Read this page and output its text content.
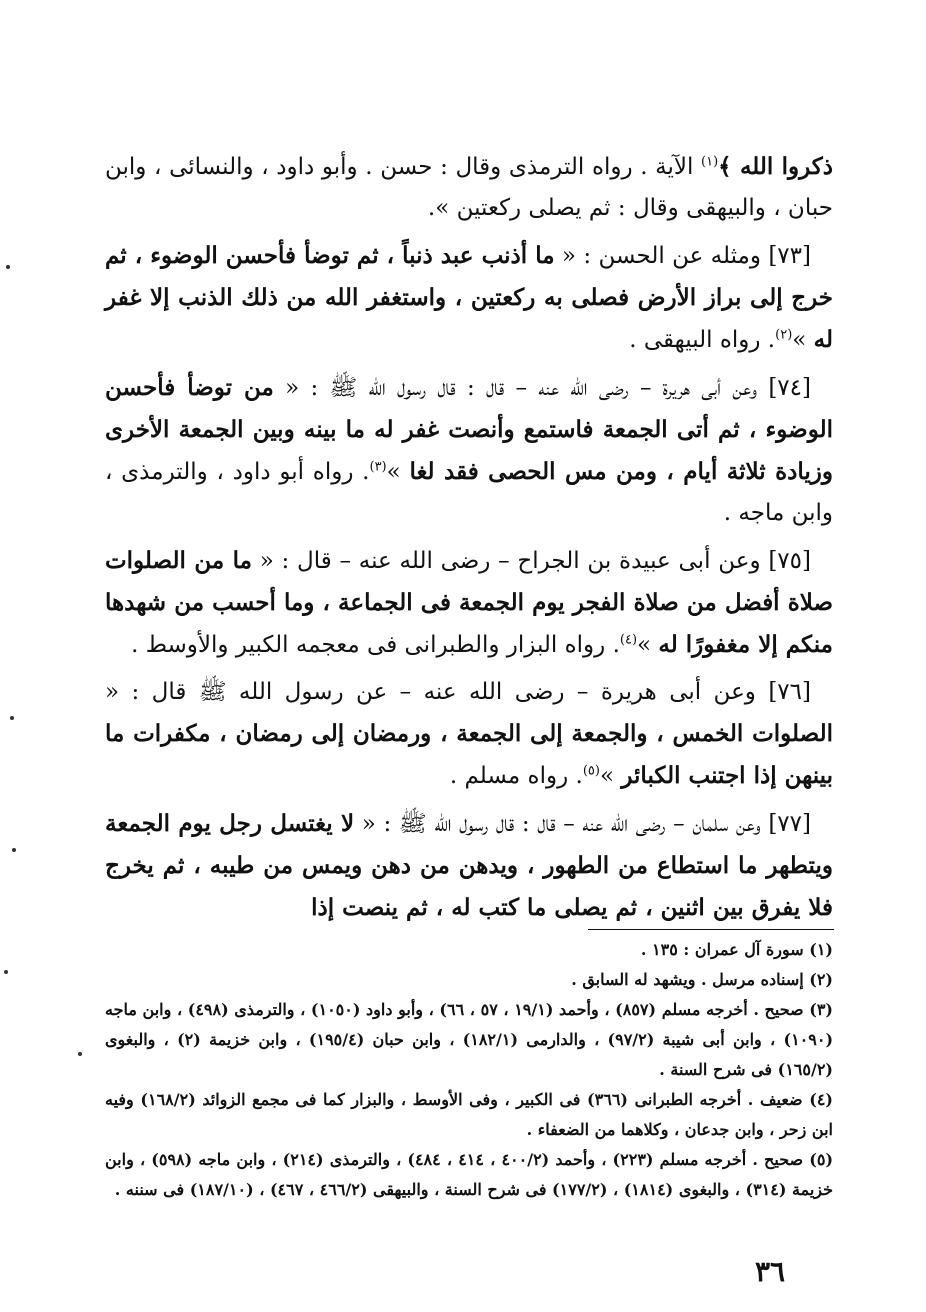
ذكروا الله ﴾$^{(١)}$ الآية . رواه الترمذى وقال : حسن . وأبو داود ، والنسائى ، وابن حبان ، والبيهقى وقال : ثم يصلى ركعتين ».

[٧٣] ومثله عن الحسن : « ما أذنب عبد ذنباً ، ثم توضأ فأحسن الوضوء ، ثم خرج إلى براز الأرض فصلى به ركعتين ، واستغفر الله من ذلك الذنب إلا غفر له »$^{(٢)}$. رواه البيهقى .

[٧٤] وعن أبى هريرة – رضى الله عنه – قال : قال رسول الله ﷺ : « من توضأ فأحسن الوضوء ، ثم أتى الجمعة فاستمع وأنصت غفر له ما بينه وبين الجمعة الأخرى وزيادة ثلاثة أيام ، ومن مس الحصى فقد لغا »$^{(٣)}$. رواه أبو داود ، والترمذى ، وابن ماجه .

[٧٥] وعن أبى عبيدة بن الجراح – رضى الله عنه – قال : « ما من الصلوات صلاة أفضل من صلاة الفجر يوم الجمعة فى الجماعة ، وما أحسب من شهدها منكم إلا مغفورًا له »$^{(٤)}$. رواه البزار والطبرانى فى معجمه الكبير والأوسط .

[٧٦] وعن أبى هريرة – رضى الله عنه – عن رسول الله ﷺ قال : « الصلوات الخمس ، والجمعة إلى الجمعة ، ورمضان إلى رمضان ، مكفرات ما بينهن إذا اجتنب الكبائر »$^{(٥)}$. رواه مسلم .

[٧٧] وعن سلمان – رضى الله عنه – قال : قال رسول الله ﷺ : « لا يغتسل رجل يوم الجمعة ويتطهر ما استطاع من الطهور ، ويدهن من دهن ويمس من طيبه ، ثم يخرج فلا يفرق بين اثنين ، ثم يصلى ما كتب له ، ثم ينصت إذا

(١) سورة آل عمران : ١٣٥ .

(٢) إسناده مرسل . ويشهد له السابق .

(٣) صحيح . أخرجه مسلم (٨٥٧) ، وأحمد (١٩/١ ، ٥٧ ، ٦٦) ، وأبو داود (١٠٥٠) ، والترمذى (٤٩٨) ، وابن ماجه (١٠٩٠) ، وابن أبى شيبة (٩٧/٢) ، والدارمى (١٨٢/١) ، وابن حبان (١٩٥/٤) ، وابن خزيمة (٢) ، والبغوى (١٦٥/٢) فى شرح السنة .

(٤) ضعيف . أخرجه الطبرانى (٣٦٦) فى الكبير ، وفى الأوسط ، والبزار كما فى مجمع الزوائد (١٦٨/٢) وفيه ابن زحر ، وابن جدعان ، وكلاهما من الضعفاء .

(٥) صحيح . أخرجه مسلم (٢٢٣) ، وأحمد (٤٠٠/٢ ، ٤١٤ ، ٤٨٤) ، والترمذى (٢١٤) ، وابن ماجه (٥٩٨) ، وابن خزيمة (٣١٤) ، والبغوى (١٨١٤) ، (١٧٧/٢) فى شرح السنة ، والبيهقى (٤٦٦/٢ ، ٤٦٧) ، (١٨٧/١٠) فى سننه .

٣٦
